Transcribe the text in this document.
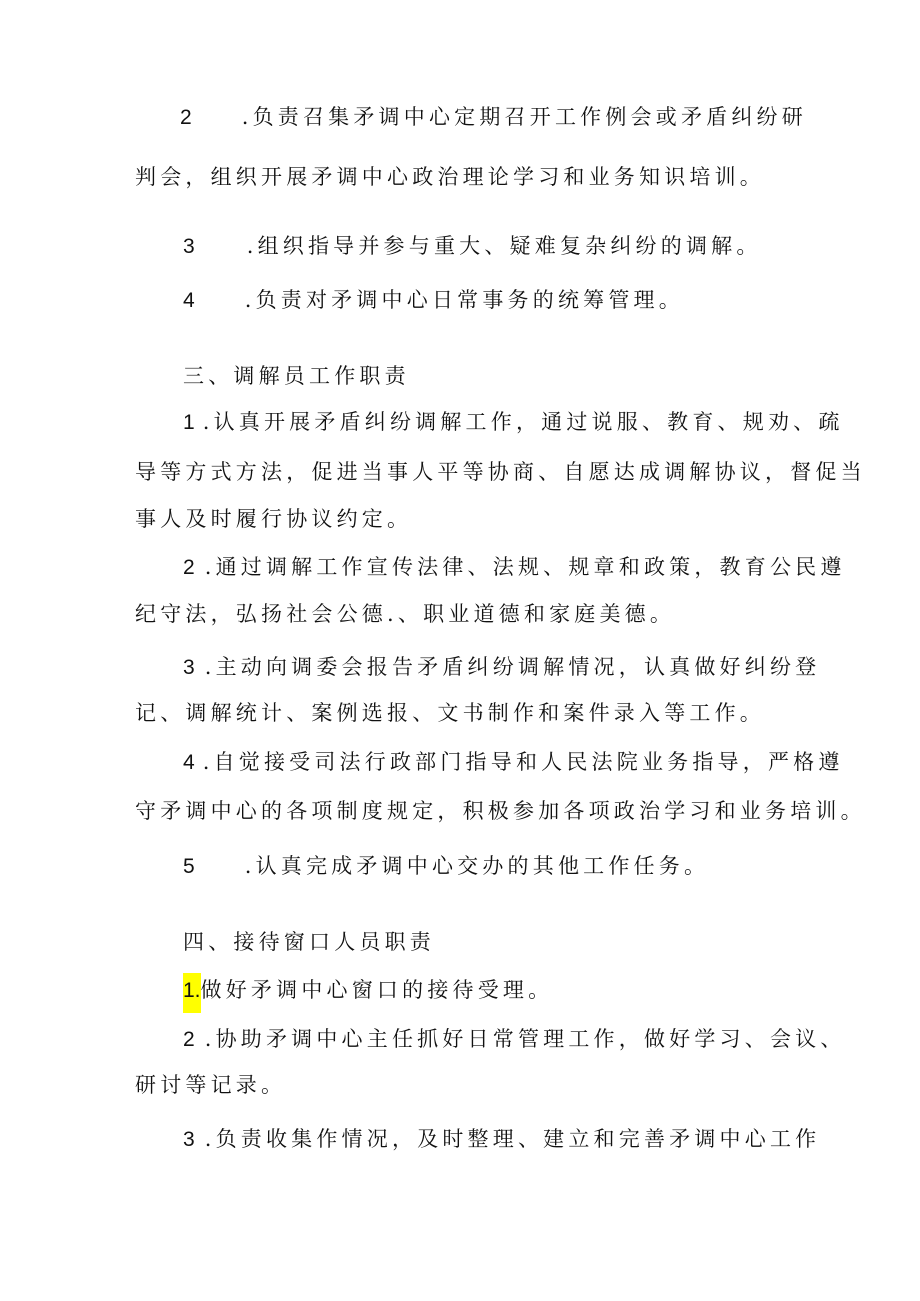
2 .负责召集矛调中心定期召开工作例会或矛盾纠纷研
判会，组织开展矛调中心政治理论学习和业务知识培训。
3 .组织指导并参与重大、疑难复杂纠纷的调解。
4 .负责对矛调中心日常事务的统筹管理。
三、调解员工作职责
1 .认真开展矛盾纠纷调解工作，通过说服、教育、规劝、疏
导等方式方法，促进当事人平等协商、自愿达成调解协议，督促当
事人及时履行协议约定。
2 .通过调解工作宣传法律、法规、规章和政策，教育公民遵
纪守法，弘扬社会公德.、职业道德和家庭美德。
3 .主动向调委会报告矛盾纠纷调解情况，认真做好纠纷登
记、调解统计、案例选报、文书制作和案件录入等工作。
4 .自觉接受司法行政部门指导和人民法院业务指导，严格遵
守矛调中心的各项制度规定，积极参加各项政治学习和业务培训。
5 .认真完成矛调中心交办的其他工作任务。
四、接待窗口人员职责
1.做好矛调中心窗口的接待受理。
2 .协助矛调中心主任抓好日常管理工作，做好学习、会议、
研讨等记录。
3 .负责收集作情况，及时整理、建立和完善矛调中心工作
